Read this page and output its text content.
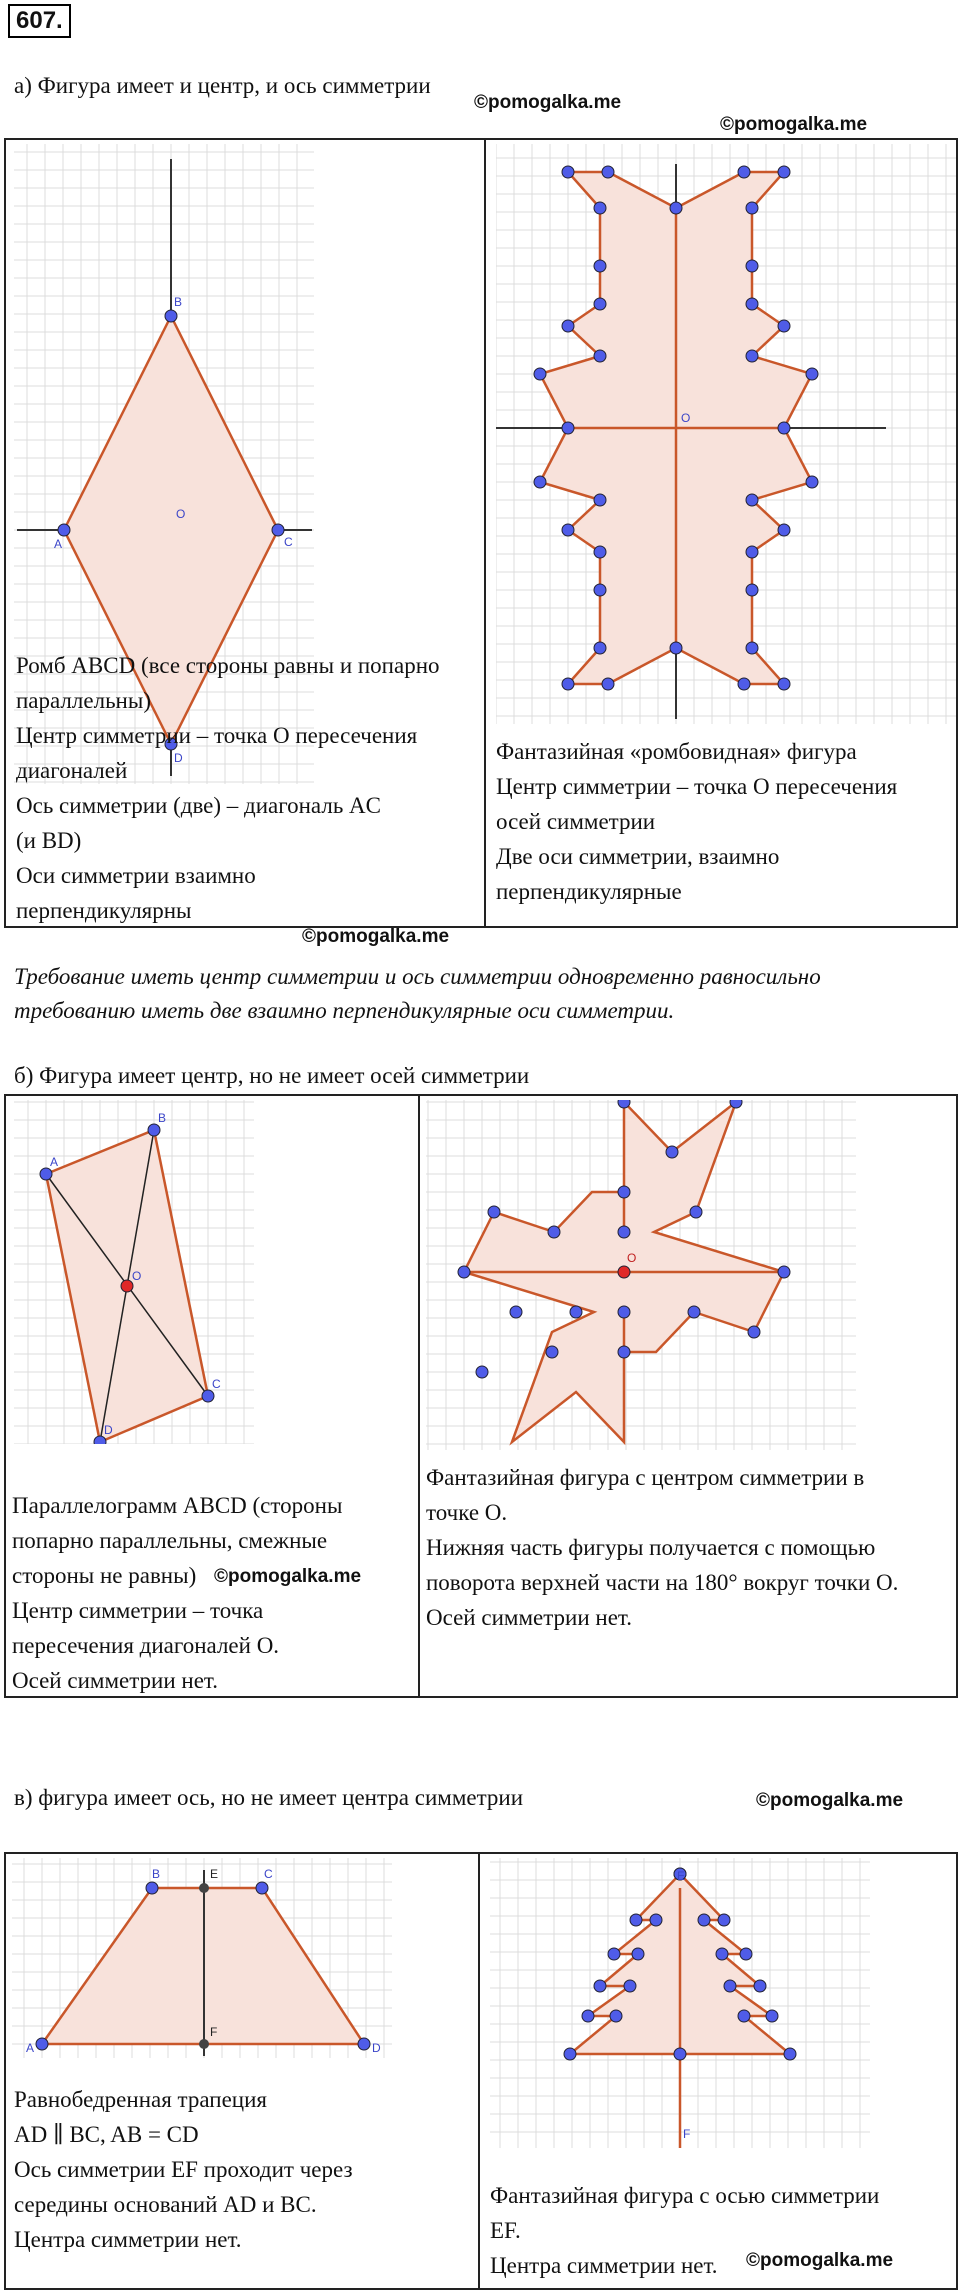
607.
а) Фигура имеет и центр, и ось симметрии
©pomogalka.me
©pomogalka.me
B
A	C
D
O
Ромб ABCD (все стороны равны и попарно
параллельны)
Центр симметрии – точка O пересечения
диагоналей
Ось симметрии (две) – диагональ AC
(и BD)
Оси симметрии взаимно
перпендикулярны
O
Фантазийная «ромбовидная» фигура
Центр симметрии – точка O пересечения
осей симметрии
Две оси симметрии, взаимно
перпендикулярные
©pomogalka.me
Требование иметь центр симметрии и ось симметрии одновременно равносильно
требованию иметь две взаимно перпендикулярные оси симметрии.
б) Фигура имеет центр, но не имеет осей симметрии
A
B
C
D
O
Параллелограмм ABCD (стороны
попарно параллельны, смежные
стороны не равны)
Центр симметрии – точка
пересечения диагоналей O.
Осей симметрии нет.
©pomogalka.me
O
Фантазийная фигура с центром симметрии в
точке О.
Нижняя часть фигуры получается с помощью
поворота верхней части на 180° вокруг точки О.
Осей симметрии нет.
в) фигура имеет ось, но не имеет центра симметрии	©pomogalka.me
A
B	C
D
E
F
Равнобедренная трапеция
AD ∥ BC, AB = CD
Ось симметрии EF проходит через
середины оснований AD и BC.
Центра симметрии нет.
E
F
Фантазийная фигура с осью симметрии
EF.
Центра симметрии нет.	©pomogalka.me
